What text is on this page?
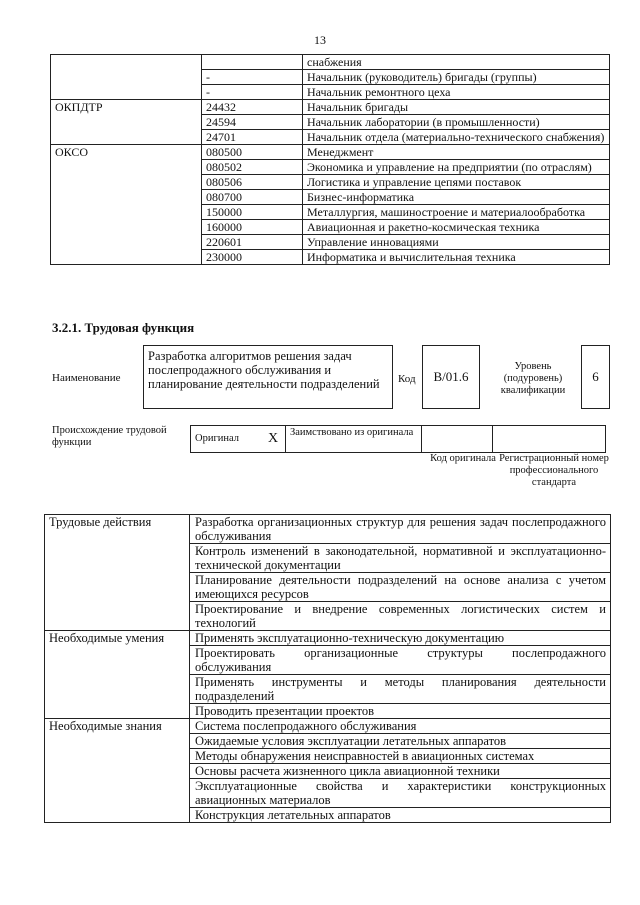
13
		снабжения
	-	Начальник (руководитель) бригады (группы)
	-	Начальник ремонтного цеха
ОКПДТР	24432	Начальник бригады
	24594	Начальник лаборатории (в промышленности)
	24701	Начальник отдела (материально-технического снабжения)
ОКСО	080500	Менеджмент
	080502	Экономика и управление на предприятии (по отраслям)
	080506	Логистика и управление цепями поставок
	080700	Бизнес-информатика
	150000	Металлургия, машиностроение и материалообработка
	160000	Авиационная и ракетно-космическая техника
	220601	Управление инновациями
	230000	Информатика и вычислительная техника
3.2.1. Трудовая функция
Наименование
Разработка алгоритмов решения задач послепродажного обслуживания и планирование деятельности подразделений	Код	B/01.6
Уровень (подуровень) квалификации
6
Происхождение трудовой функции	Оригинал	X	Заимствовано из оригинала		
Код оригинала Регистрационный номер профессионального стандарта
Трудовые действия	Разработка организационных структур для решения задач послепродажного обслуживания
	Контроль изменений в законодательной, нормативной и эксплуатационно-технической документации
	Планирование деятельности подразделений на основе анализа с учетом имеющихся ресурсов
	Проектирование и внедрение современных логистических систем и технологий
Необходимые умения	Применять эксплуатационно-техническую документацию
	Проектировать организационные структуры послепродажного обслуживания
	Применять инструменты и методы планирования деятельности подразделений
	Проводить презентации проектов
Необходимые знания	Система послепродажного обслуживания
	Ожидаемые условия эксплуатации летательных аппаратов
	Методы обнаружения неисправностей в авиационных системах
	Основы расчета жизненного цикла авиационной техники
	Эксплуатационные свойства и характеристики конструкционных авиационных материалов
	Конструкция летательных аппаратов
